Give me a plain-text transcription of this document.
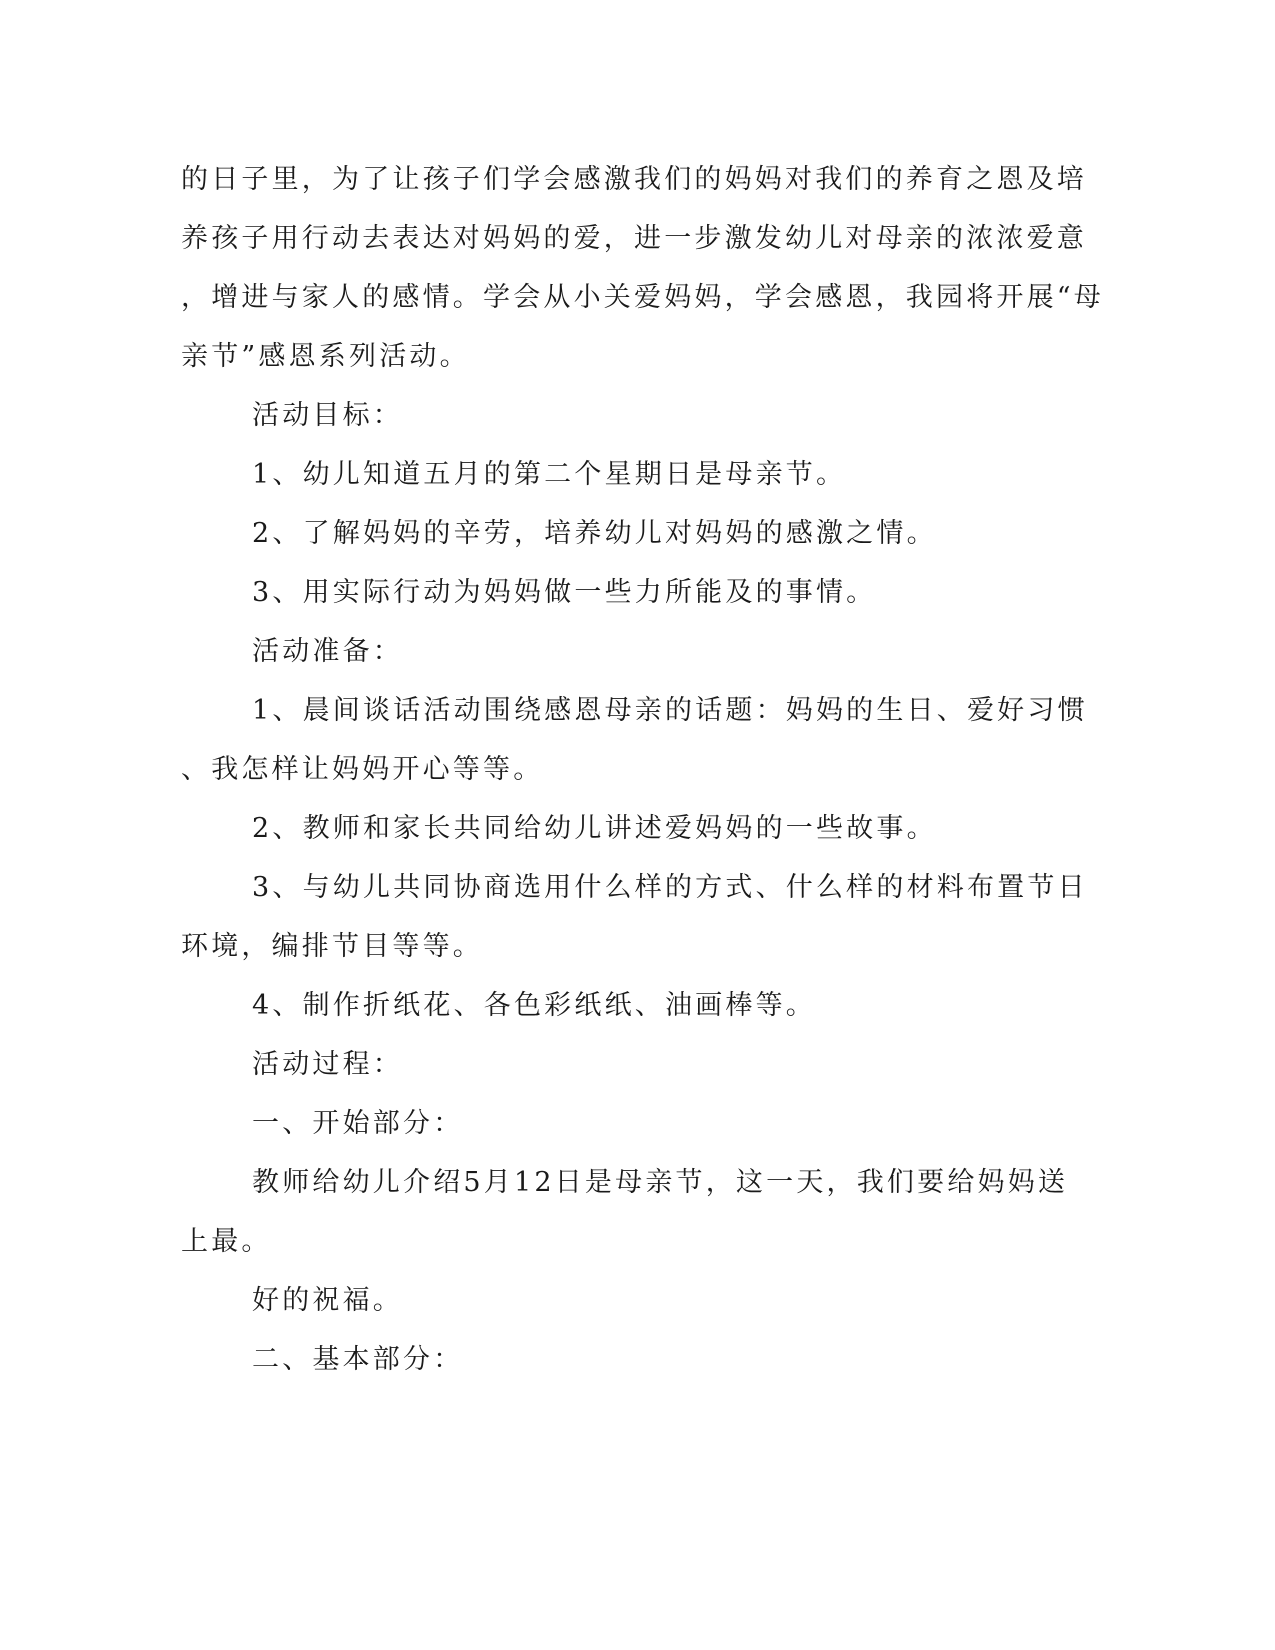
的日子里，为了让孩子们学会感激我们的妈妈对我们的养育之恩及培
养孩子用行动去表达对妈妈的爱，进一步激发幼儿对母亲的浓浓爱意
，增进与家人的感情。学会从小关爱妈妈，学会感恩，我园将开展“母
亲节”感恩系列活动。
活动目标：
1、幼儿知道五月的第二个星期日是母亲节。
2、了解妈妈的辛劳，培养幼儿对妈妈的感激之情。
3、用实际行动为妈妈做一些力所能及的事情。
活动准备：
1、晨间谈话活动围绕感恩母亲的话题：妈妈的生日、爱好习惯
、我怎样让妈妈开心等等。
2、教师和家长共同给幼儿讲述爱妈妈的一些故事。
3、与幼儿共同协商选用什么样的方式、什么样的材料布置节日
环境，编排节目等等。
4、制作折纸花、各色彩纸纸、油画棒等。
活动过程：
一、开始部分：
教师给幼儿介绍5月12日是母亲节，这一天，我们要给妈妈送
上最。
好的祝福。
二、基本部分：
